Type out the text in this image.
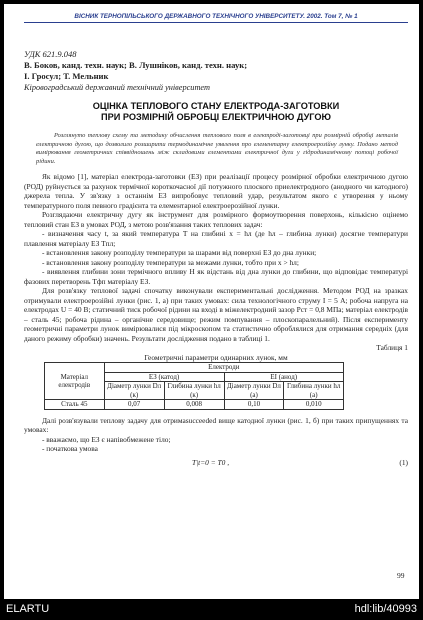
ВІСНИК ТЕРНОПІЛЬСЬКОГО ДЕРЖАВНОГО ТЕХНІЧНОГО УНІВЕРСИТЕТУ. 2002. Том 7, № 1
УДК 621.9.048
В. Боков, канд. техн. наук; В. Лушніков, канд. техн. наук;
І. Гросул; Т. Мельник
Кіровоградський державний технічний університет
ОЦІНКА ТЕПЛОВОГО СТАНУ ЕЛЕКТРОДА-ЗАГОТОВКИ
ПРИ РОЗМІРНІЙ ОБРОБЦІ ЕЛЕКТРИЧНОЮ ДУГОЮ
Розглянуто теплову схему та методику обчислення теплового поля в електроді-заготовці при розмірній обробці металів електричною дугою, що дозволило розширити термодинамічне уявлення про елементарну електроерозійну лунку. Подано метод вимірювання геометричних співвідношень між складовими елементами електричної дуги у гідродинамічному потоці робочої рідини.

Як відомо [1], матеріал електрода-заготовки (ЕЗ) при реалізації процесу розмірної обробки електричною дугою (РОД) руйнується за рахунок термічної короткочасної дії потужного плоского приелектродного (анодного чи катодного) джерела тепла. У зв'язку з останнім ЕЗ випробовує тепловий удар, результатом якого є утворення у ньому температурного поля певного градієнта та елементарної електроерозійної лунки.

Розглядаючи електричну дугу як інструмент для розмірного формоутворення поверхонь, кількісно оцінемо тепловий стан ЕЗ в умовах РОД, з метою розв'язання таких теплових задач:

- визначення часу t, за який температура T на глибині x = hл (де hл – глибина лунки) досягне температури плавлення матеріалу ЕЗ Tпл;

- встановлення закону розподілу температури за шарами від поверхні ЕЗ до дна лунки;

- встановлення закону розподілу температури за межами лунки, тобто при x > hл;

- виявлення глибини зони термічного впливу H як відстань від дна лунки до глибини, що відповідає температурі фазових перетворень Tфп матеріалу ЕЗ.

Для розв'язку теплової задачі спочатку виконували експериментальні дослідження. Методом РОД на зразках отримували електроерозійні лунки (рис. 1, а) при таких умовах: сила технологічного струму I = 5 А; робоча напруга на електродах U = 40 В; статичний тиск робочої рідини на вході в міжелектродний зазор Pст = 0,8 МПа; матеріал електродів – сталь 45; робоча рідина – органічне середовище; режим помпування – плоскопаралельний). Після експерименту геометричні параметри лунок вимірювалися під мікроскопом та статистично оброблялися для отримання середніх (для даного режиму обробки) значень. Результати дослідження подано в таблиці 1.

Таблиця 1

Геометричні параметри одинарних лунок, мм

Матеріал електродів	Електроди			
	ЕЗ (катод)		ЕІ (анод)	
	Діаметр лунки Dл (к)	Глибина лунки hл (к)	Діаметр лунки Dл (а)	Глибина лунки hл (а)
Сталь 45	0,07	0,008	0,10	0,010

Далі розв'язували теплову задачу для отримаsucceeded вище катодної лунки (рис. 1, б) при таких припущеннях та умовах:

- вважаємо, що ЕЗ є напівобмежене тіло;

- початкова умова

T|t=0 = T0 ,	(1)
99
ELARTU	hdl:lib/40993
